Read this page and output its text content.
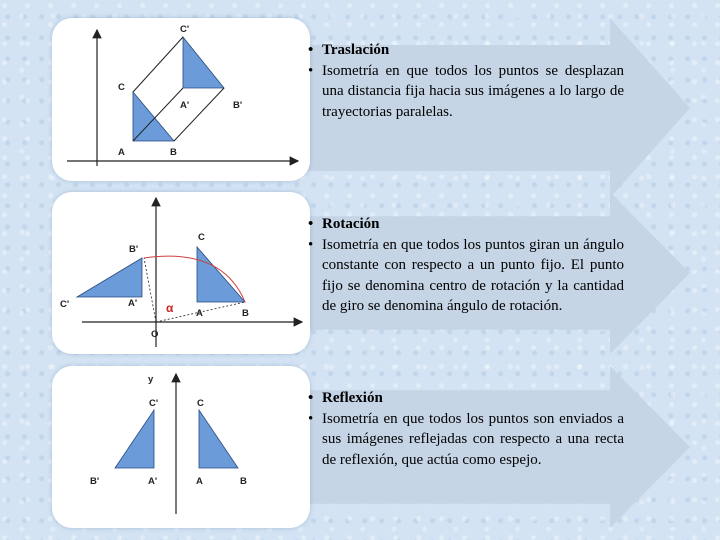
C'
C
A'	B'
A	B
• Traslación
• Isometría en que todos los puntos se desplazan una distancia fija hacia sus imágenes a lo largo de trayectorias paralelas.
B'
C
C'	A' α A	B
O
• Rotación
• Isometría en que todos los puntos giran un ángulo constante con respecto a un punto fijo. El punto fijo se denomina centro de rotación y la cantidad de giro se denomina ángulo de rotación.
y
C'	C
B'	A'	A	B
• Reflexión
• Isometría en que todos los puntos son enviados a sus imágenes reflejadas con respecto a una recta de reflexión, que actúa como espejo.
